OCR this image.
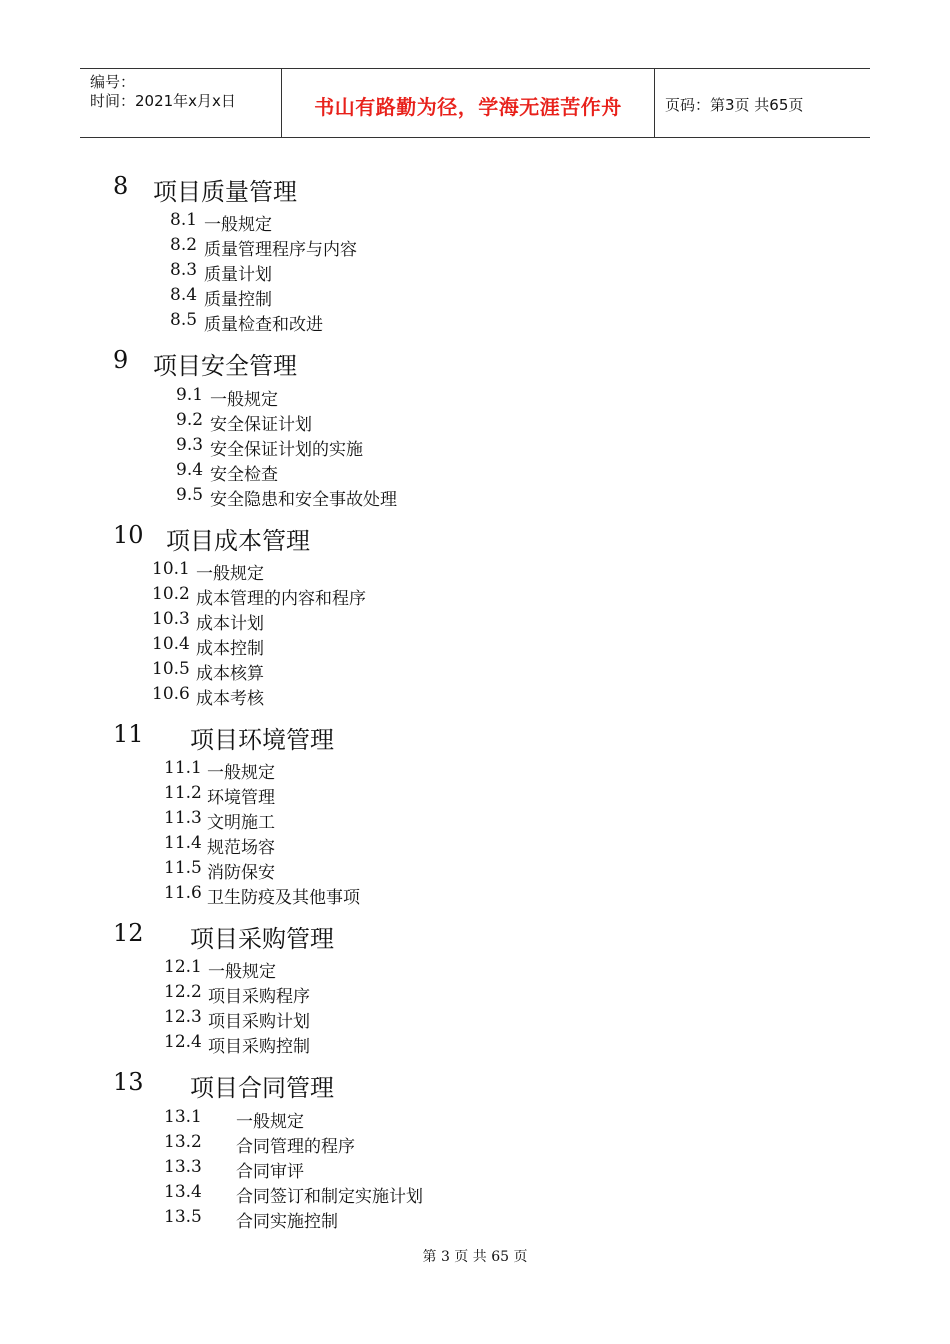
编号：
时间：2021年x月x日	书山有路勤为径，学海无涯苦作舟	页码：第3页 共65页
8 项目质量管理
8.1 一般规定
8.2 质量管理程序与内容
8.3 质量计划
8.4 质量控制
8.5 质量检查和改进
9 项目安全管理
9.1 一般规定
9.2 安全保证计划
9.3 安全保证计划的实施
9.4 安全检查
9.5 安全隐患和安全事故处理
10 项目成本管理
10.1 一般规定
10.2 成本管理的内容和程序
10.3 成本计划
10.4 成本控制
10.5 成本核算
10.6 成本考核
11 项目环境管理
11.1 一般规定
11.2 环境管理
11.3 文明施工
11.4 规范场容
11.5 消防保安
11.6 卫生防疫及其他事项
12 项目采购管理
12.1 一般规定
12.2 项目采购程序
12.3 项目采购计划
12.4 项目采购控制
13 项目合同管理
13.1 一般规定
13.2 合同管理的程序
13.3 合同审评
13.4 合同签订和制定实施计划
13.5 合同实施控制
第 3 页 共 65 页
